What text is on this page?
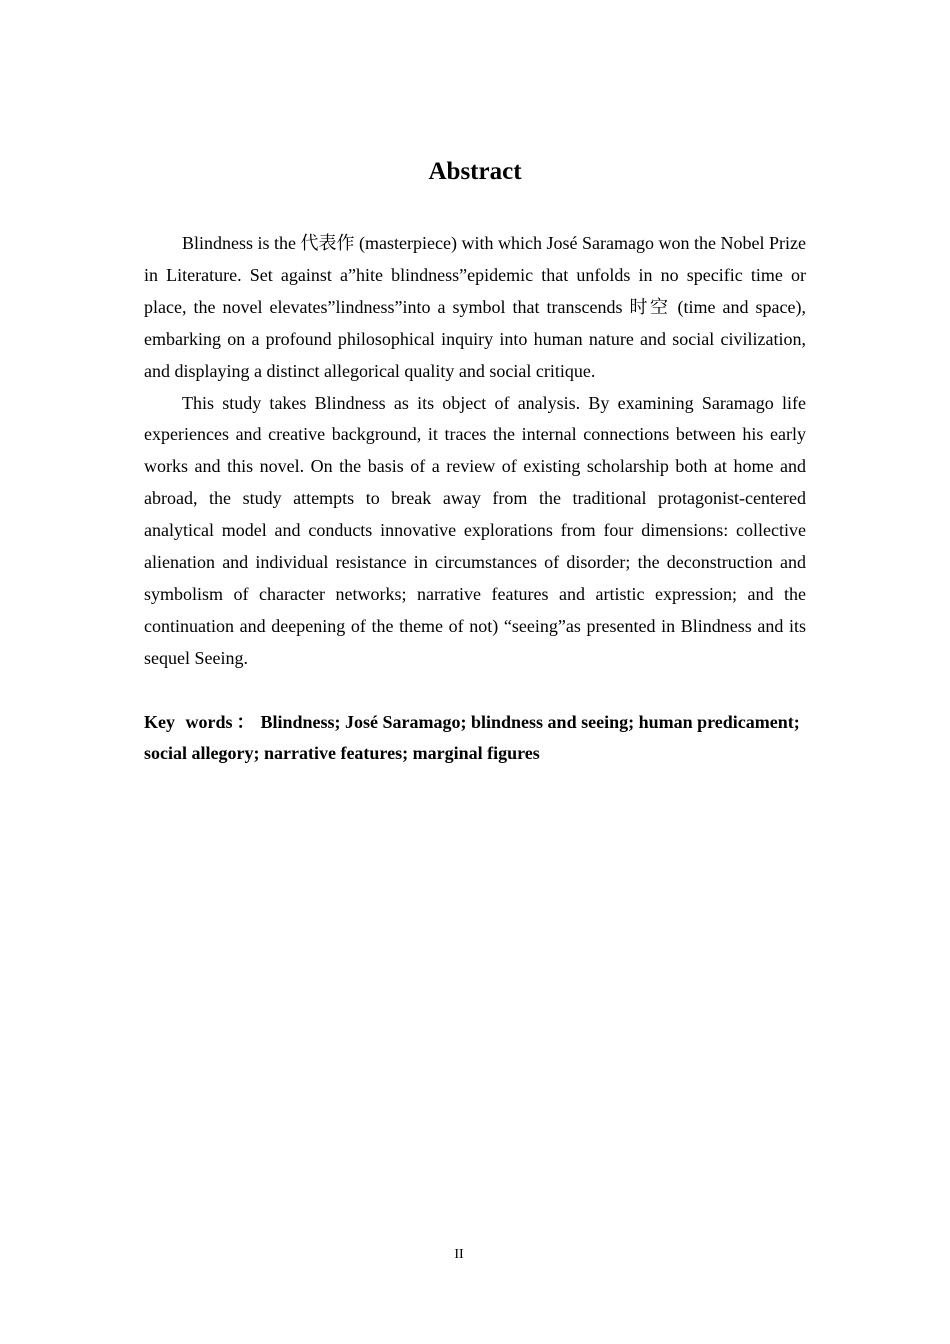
Abstract

Blindness is the 代表作 (masterpiece) with which José Saramago won the Nobel Prize in Literature. Set against a”hite blindness”epidemic that unfolds in no specific time or place, the novel elevates”lindness”into a symbol that transcends 时空 (time and space), embarking on a profound philosophical inquiry into human nature and social civilization, and displaying a distinct allegorical quality and social critique.

This study takes Blindness as its object of analysis. By examining Saramago life experiences and creative background, it traces the internal connections between his early works and this novel. On the basis of a review of existing scholarship both at home and abroad, the study attempts to break away from the traditional protagonist-centered analytical model and conducts innovative explorations from four dimensions: collective alienation and individual resistance in circumstances of disorder; the deconstruction and symbolism of character networks; narrative features and artistic expression; and the continuation and deepening of the theme of not) “seeing”as presented in Blindness and its sequel Seeing.

Key words ： Blindness; José Saramago; blindness and seeing; human predicament; social allegory; narrative features; marginal figures
II
